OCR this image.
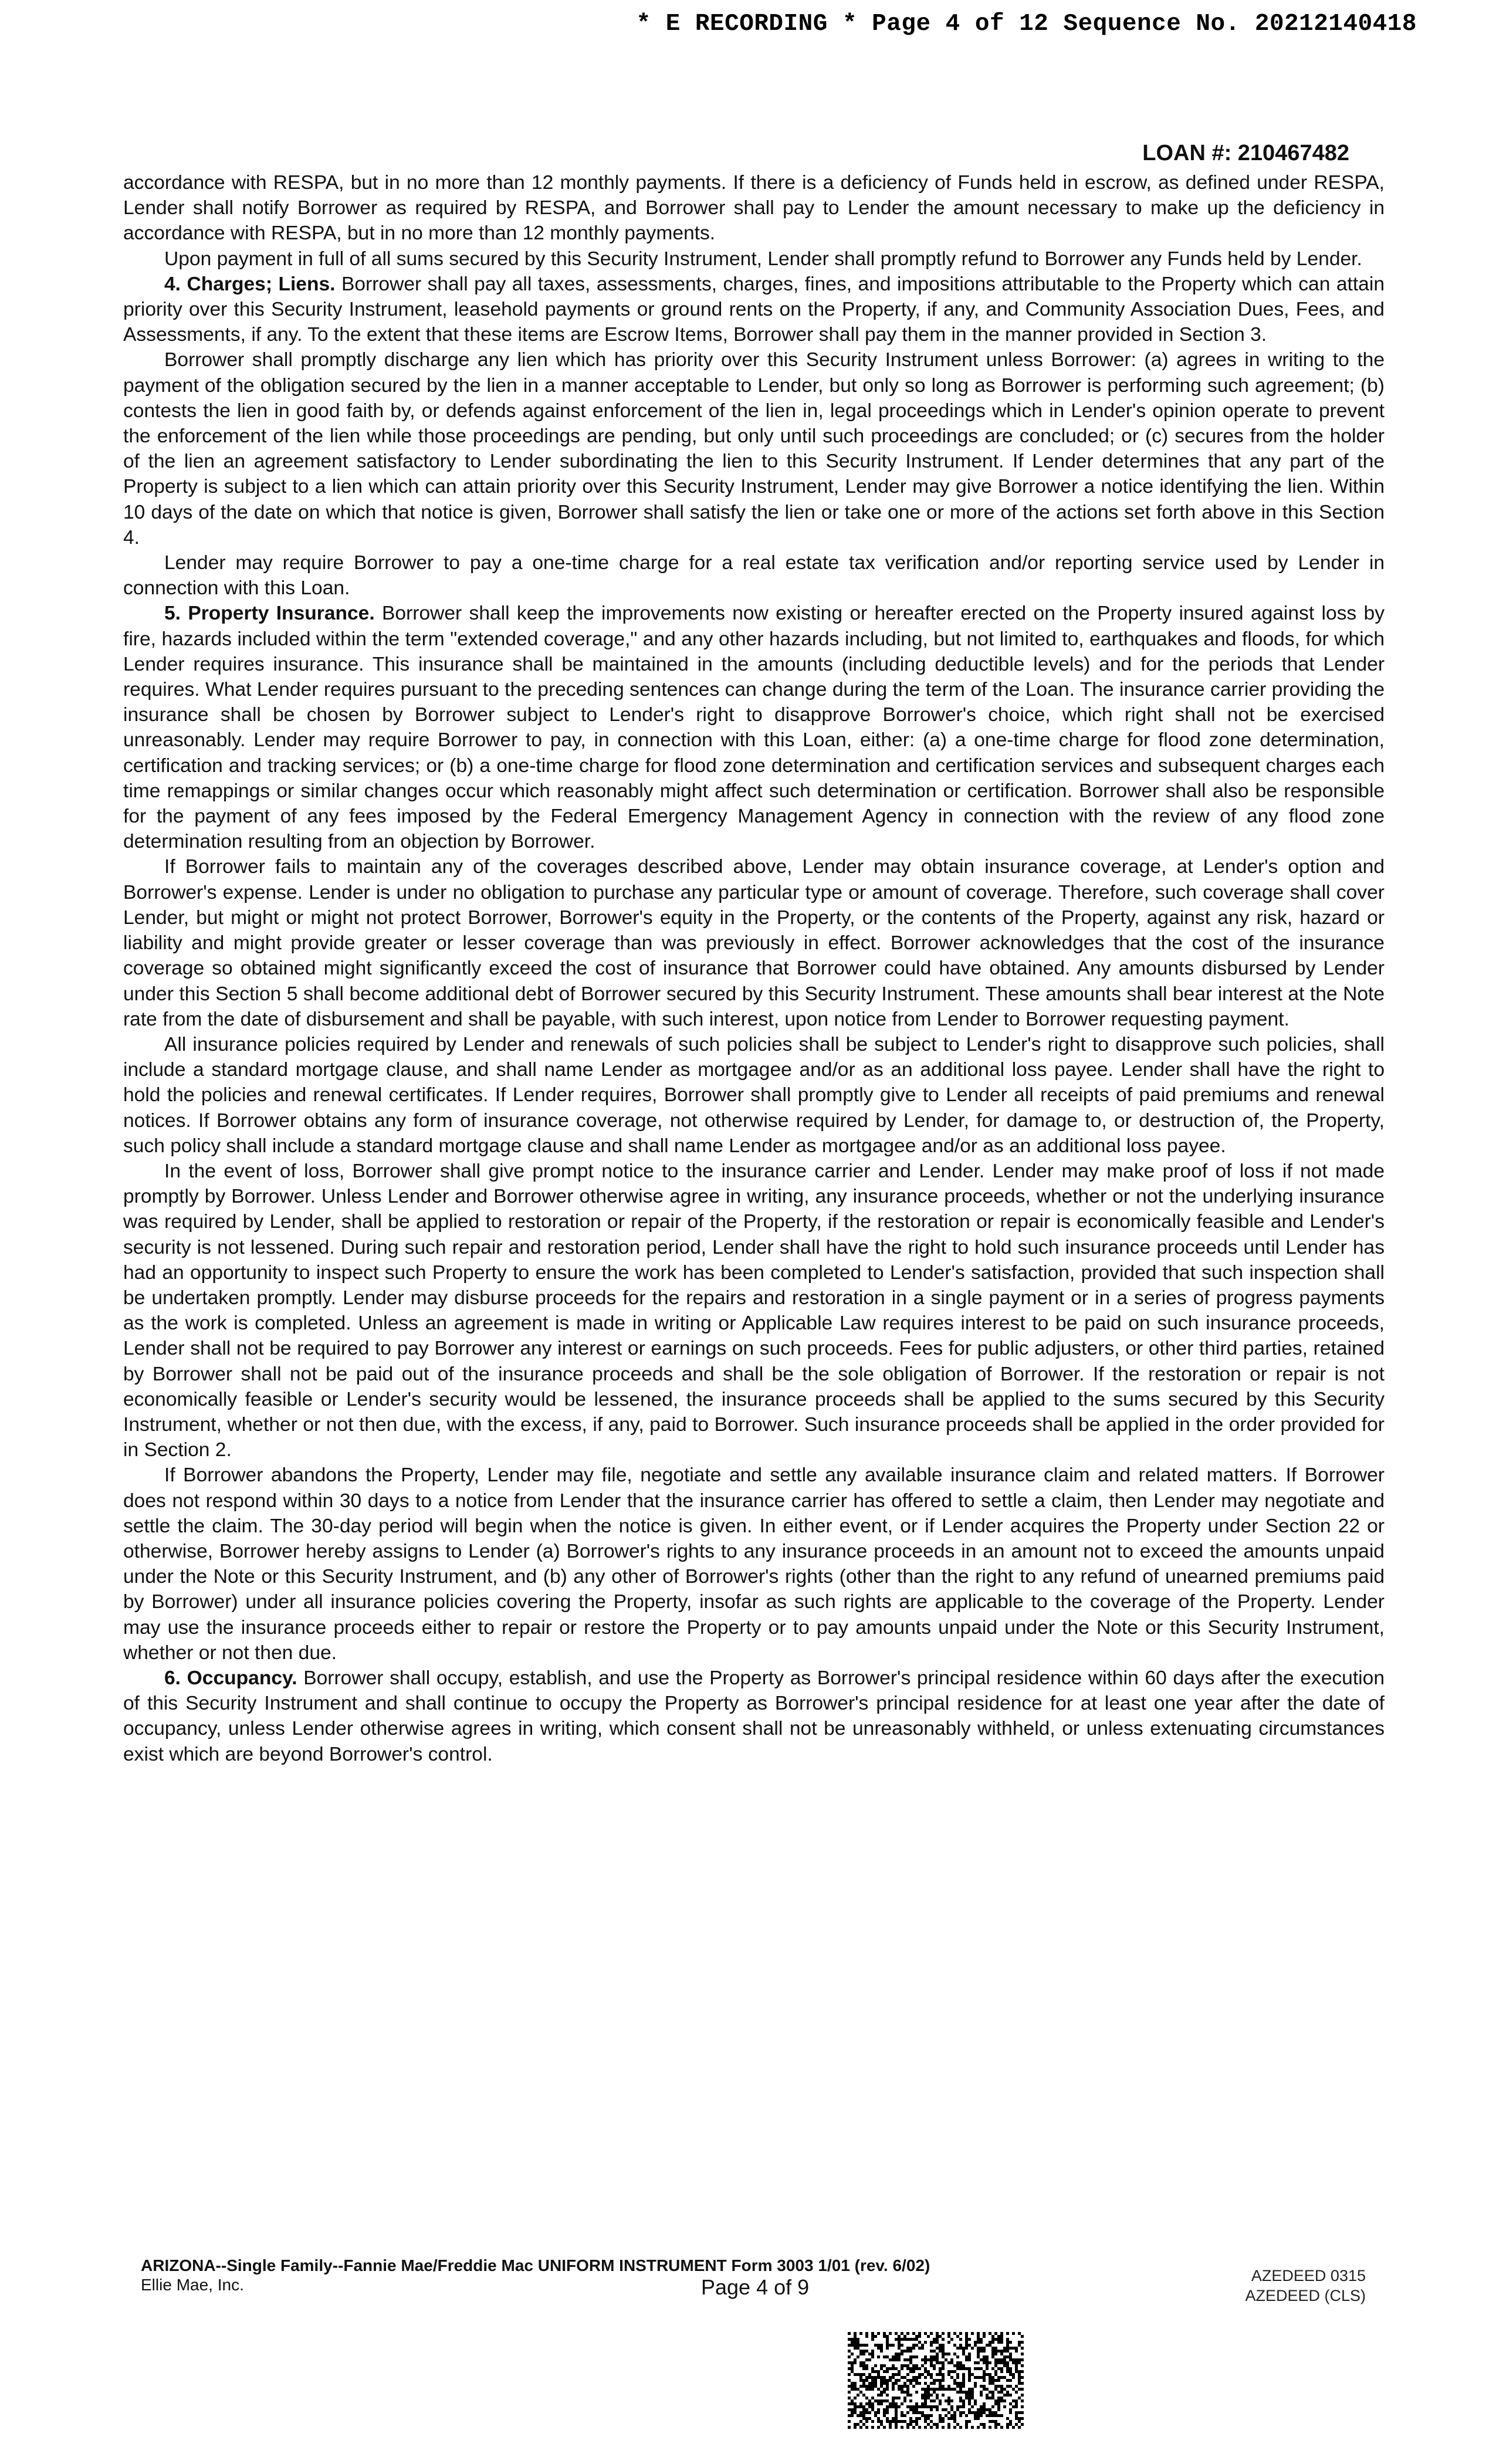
* E RECORDING * Page 4 of 12 Sequence No. 20212140418
LOAN #: 210467482

accordance with RESPA, but in no more than 12 monthly payments. If there is a deficiency of Funds held in escrow, as defined under RESPA, Lender shall notify Borrower as required by RESPA, and Borrower shall pay to Lender the amount necessary to make up the deficiency in accordance with RESPA, but in no more than 12 monthly payments.

Upon payment in full of all sums secured by this Security Instrument, Lender shall promptly refund to Borrower any Funds held by Lender.

4. Charges; Liens. Borrower shall pay all taxes, assessments, charges, fines, and impositions attributable to the Property which can attain priority over this Security Instrument, leasehold payments or ground rents on the Property, if any, and Community Association Dues, Fees, and Assessments, if any. To the extent that these items are Escrow Items, Borrower shall pay them in the manner provided in Section 3.

Borrower shall promptly discharge any lien which has priority over this Security Instrument unless Borrower: (a) agrees in writing to the payment of the obligation secured by the lien in a manner acceptable to Lender, but only so long as Borrower is performing such agreement; (b) contests the lien in good faith by, or defends against enforcement of the lien in, legal proceedings which in Lender's opinion operate to prevent the enforcement of the lien while those proceedings are pending, but only until such proceedings are concluded; or (c) secures from the holder of the lien an agreement satisfactory to Lender subordinating the lien to this Security Instrument. If Lender determines that any part of the Property is subject to a lien which can attain priority over this Security Instrument, Lender may give Borrower a notice identifying the lien. Within 10 days of the date on which that notice is given, Borrower shall satisfy the lien or take one or more of the actions set forth above in this Section 4.

Lender may require Borrower to pay a one-time charge for a real estate tax verification and/or reporting service used by Lender in connection with this Loan.

5. Property Insurance. Borrower shall keep the improvements now existing or hereafter erected on the Property insured against loss by fire, hazards included within the term "extended coverage," and any other hazards including, but not limited to, earthquakes and floods, for which Lender requires insurance. This insurance shall be maintained in the amounts (including deductible levels) and for the periods that Lender requires. What Lender requires pursuant to the preceding sentences can change during the term of the Loan. The insurance carrier providing the insurance shall be chosen by Borrower subject to Lender's right to disapprove Borrower's choice, which right shall not be exercised unreasonably. Lender may require Borrower to pay, in connection with this Loan, either: (a) a one-time charge for flood zone determination, certification and tracking services; or (b) a one-time charge for flood zone determination and certification services and subsequent charges each time remappings or similar changes occur which reasonably might affect such determination or certification. Borrower shall also be responsible for the payment of any fees imposed by the Federal Emergency Management Agency in connection with the review of any flood zone determination resulting from an objection by Borrower.

If Borrower fails to maintain any of the coverages described above, Lender may obtain insurance coverage, at Lender's option and Borrower's expense. Lender is under no obligation to purchase any particular type or amount of coverage. Therefore, such coverage shall cover Lender, but might or might not protect Borrower, Borrower's equity in the Property, or the contents of the Property, against any risk, hazard or liability and might provide greater or lesser coverage than was previously in effect. Borrower acknowledges that the cost of the insurance coverage so obtained might significantly exceed the cost of insurance that Borrower could have obtained. Any amounts disbursed by Lender under this Section 5 shall become additional debt of Borrower secured by this Security Instrument. These amounts shall bear interest at the Note rate from the date of disbursement and shall be payable, with such interest, upon notice from Lender to Borrower requesting payment.

All insurance policies required by Lender and renewals of such policies shall be subject to Lender's right to disapprove such policies, shall include a standard mortgage clause, and shall name Lender as mortgagee and/or as an additional loss payee. Lender shall have the right to hold the policies and renewal certificates. If Lender requires, Borrower shall promptly give to Lender all receipts of paid premiums and renewal notices. If Borrower obtains any form of insurance coverage, not otherwise required by Lender, for damage to, or destruction of, the Property, such policy shall include a standard mortgage clause and shall name Lender as mortgagee and/or as an additional loss payee.

In the event of loss, Borrower shall give prompt notice to the insurance carrier and Lender. Lender may make proof of loss if not made promptly by Borrower. Unless Lender and Borrower otherwise agree in writing, any insurance proceeds, whether or not the underlying insurance was required by Lender, shall be applied to restoration or repair of the Property, if the restoration or repair is economically feasible and Lender's security is not lessened. During such repair and restoration period, Lender shall have the right to hold such insurance proceeds until Lender has had an opportunity to inspect such Property to ensure the work has been completed to Lender's satisfaction, provided that such inspection shall be undertaken promptly. Lender may disburse proceeds for the repairs and restoration in a single payment or in a series of progress payments as the work is completed. Unless an agreement is made in writing or Applicable Law requires interest to be paid on such insurance proceeds, Lender shall not be required to pay Borrower any interest or earnings on such proceeds. Fees for public adjusters, or other third parties, retained by Borrower shall not be paid out of the insurance proceeds and shall be the sole obligation of Borrower. If the restoration or repair is not economically feasible or Lender's security would be lessened, the insurance proceeds shall be applied to the sums secured by this Security Instrument, whether or not then due, with the excess, if any, paid to Borrower. Such insurance proceeds shall be applied in the order provided for in Section 2.

If Borrower abandons the Property, Lender may file, negotiate and settle any available insurance claim and related matters. If Borrower does not respond within 30 days to a notice from Lender that the insurance carrier has offered to settle a claim, then Lender may negotiate and settle the claim. The 30-day period will begin when the notice is given. In either event, or if Lender acquires the Property under Section 22 or otherwise, Borrower hereby assigns to Lender (a) Borrower's rights to any insurance proceeds in an amount not to exceed the amounts unpaid under the Note or this Security Instrument, and (b) any other of Borrower's rights (other than the right to any refund of unearned premiums paid by Borrower) under all insurance policies covering the Property, insofar as such rights are applicable to the coverage of the Property. Lender may use the insurance proceeds either to repair or restore the Property or to pay amounts unpaid under the Note or this Security Instrument, whether or not then due.

6. Occupancy. Borrower shall occupy, establish, and use the Property as Borrower's principal residence within 60 days after the execution of this Security Instrument and shall continue to occupy the Property as Borrower's principal residence for at least one year after the date of occupancy, unless Lender otherwise agrees in writing, which consent shall not be unreasonably withheld, or unless extenuating circumstances exist which are beyond Borrower's control.

ARIZONA--Single Family--Fannie Mae/Freddie Mac UNIFORM INSTRUMENT Form 3003 1/01 (rev. 6/02)
Ellie Mae, Inc.	Page 4 of 9	AZEDEED 0315
AZEDEED (CLS)
